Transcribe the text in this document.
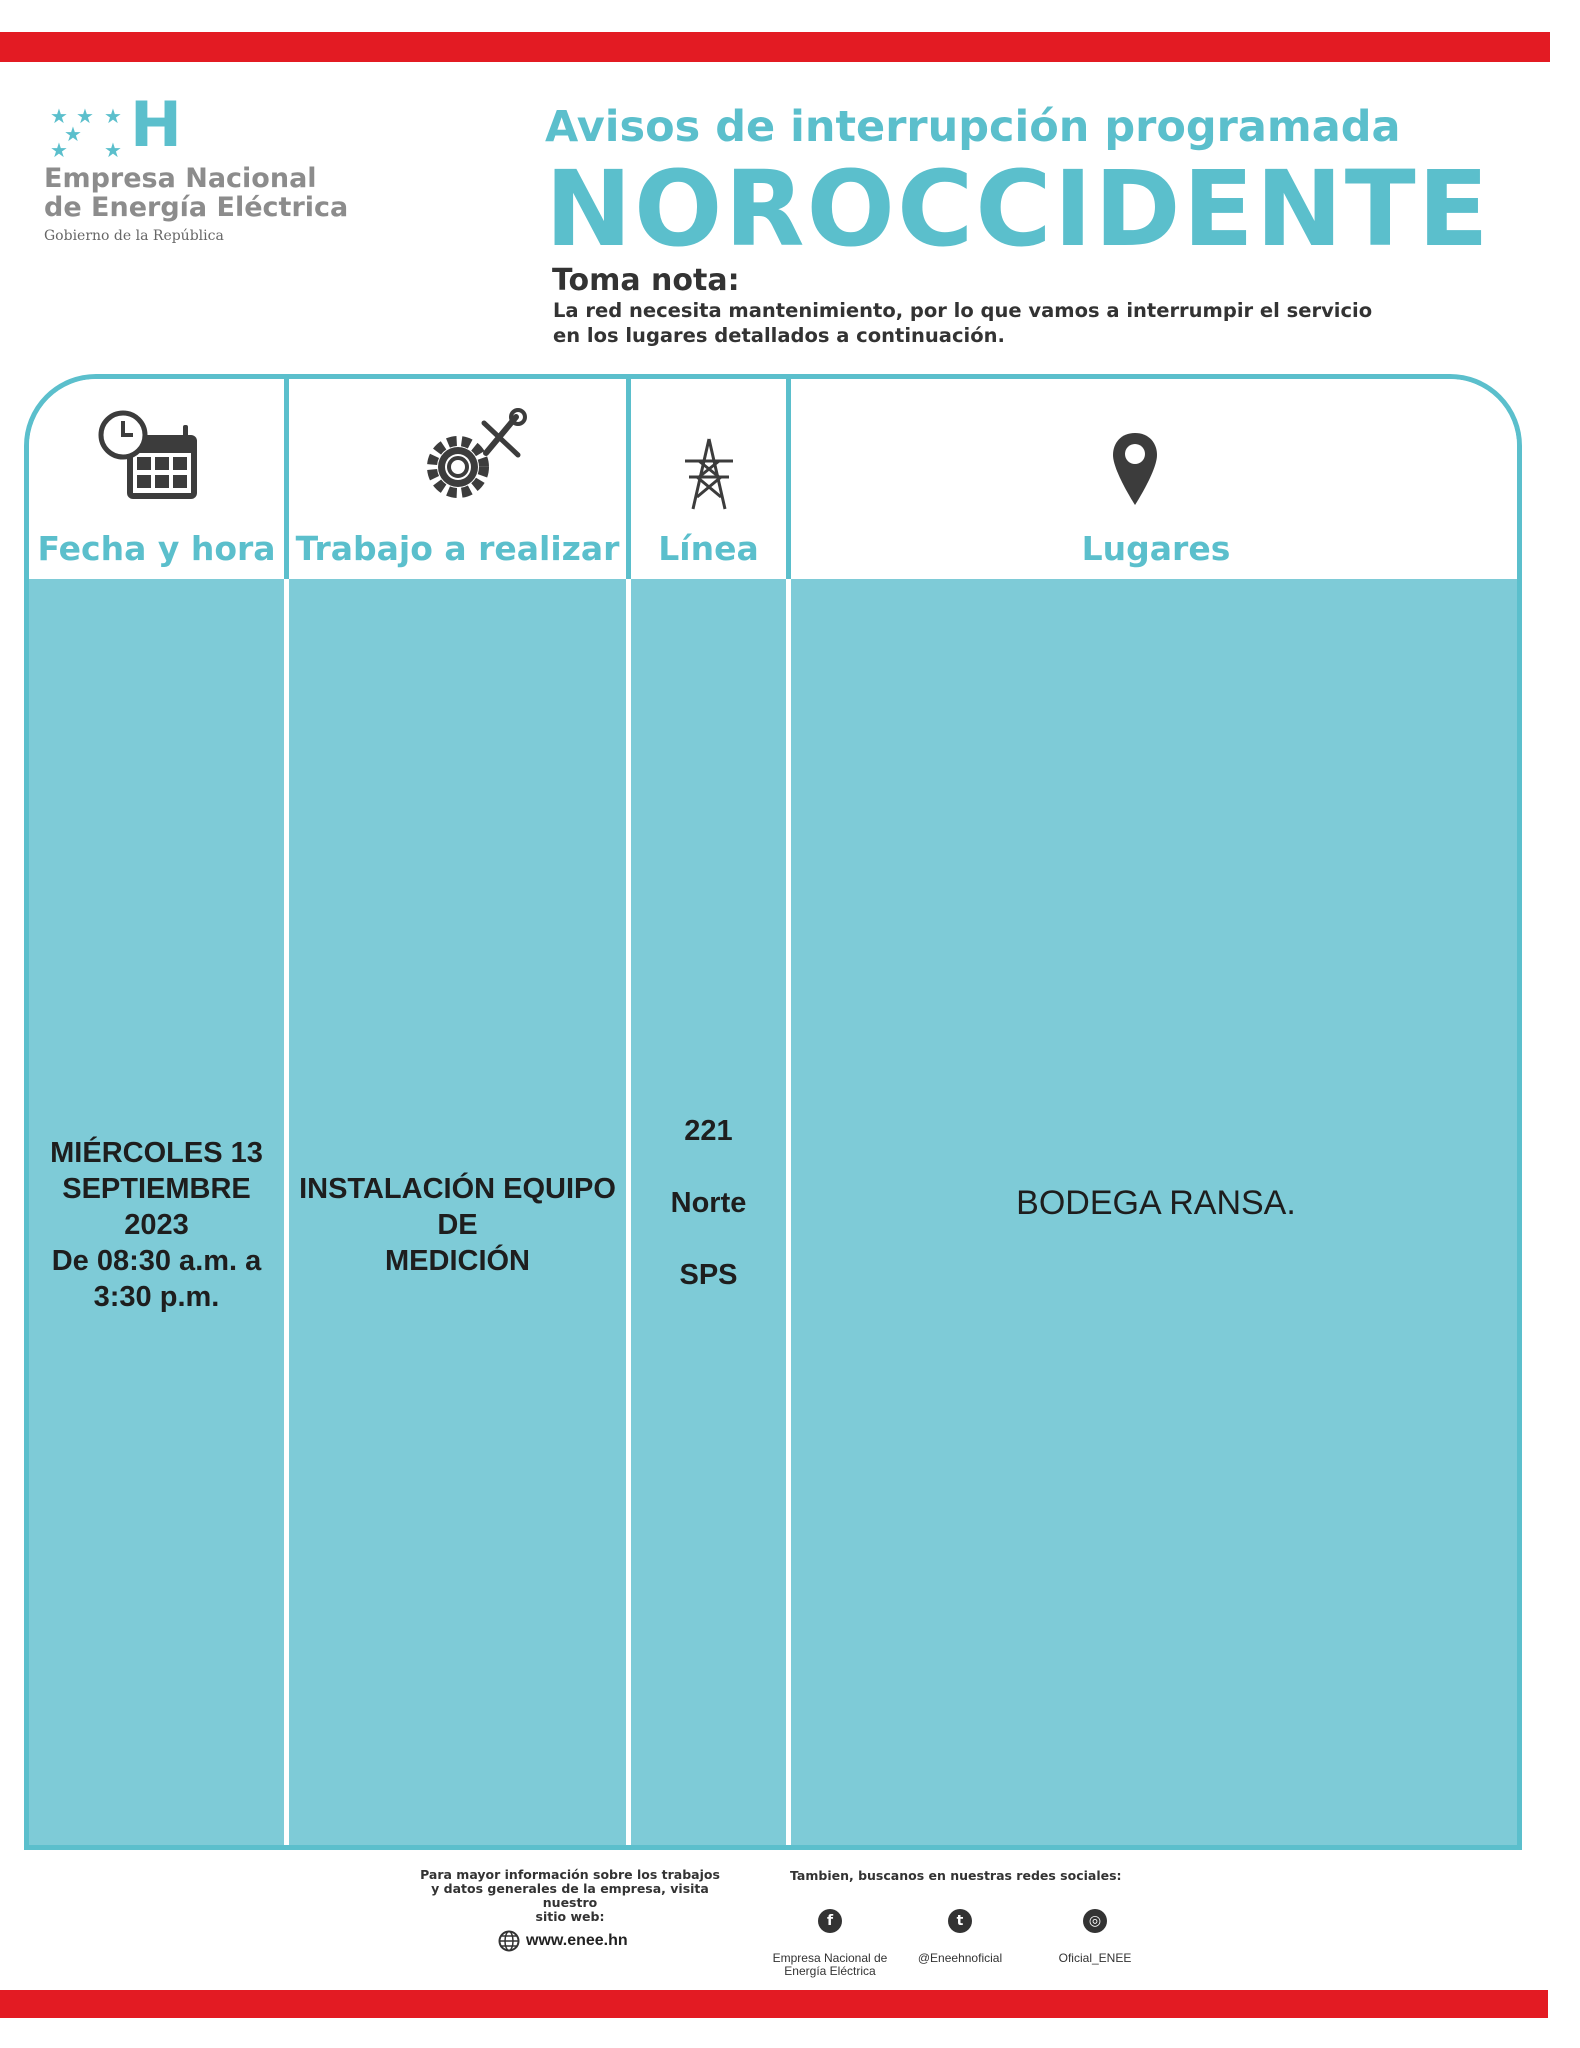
★ ★ ★
★
★ ★ H
Empresa Nacional
de Energía Eléctrica
Gobierno de la República
Avisos de interrupción programada
NOROCCIDENTE
Toma nota:
La red necesita mantenimiento, por lo que vamos a interrumpir el servicio
en los lugares detallados a continuación.
Fecha y hora Trabajo a realizar	Línea	Lugares
MIÉRCOLES 13
SEPTIEMBRE 2023
De 08:30 a.m. a
3:30 p.m.
INSTALACIÓN EQUIPO DE
MEDICIÓN
221
Norte
SPS
BODEGA RANSA.
Para mayor información sobre los trabajos
y datos generales de la empresa, visita nuestro
sitio web:
www.enee.hn
Tambien, buscanos en nuestras redes sociales:

f

Empresa Nacional de
Energía Eléctrica

t

@Eneehnoficial

◎

Oficial_ENEE
